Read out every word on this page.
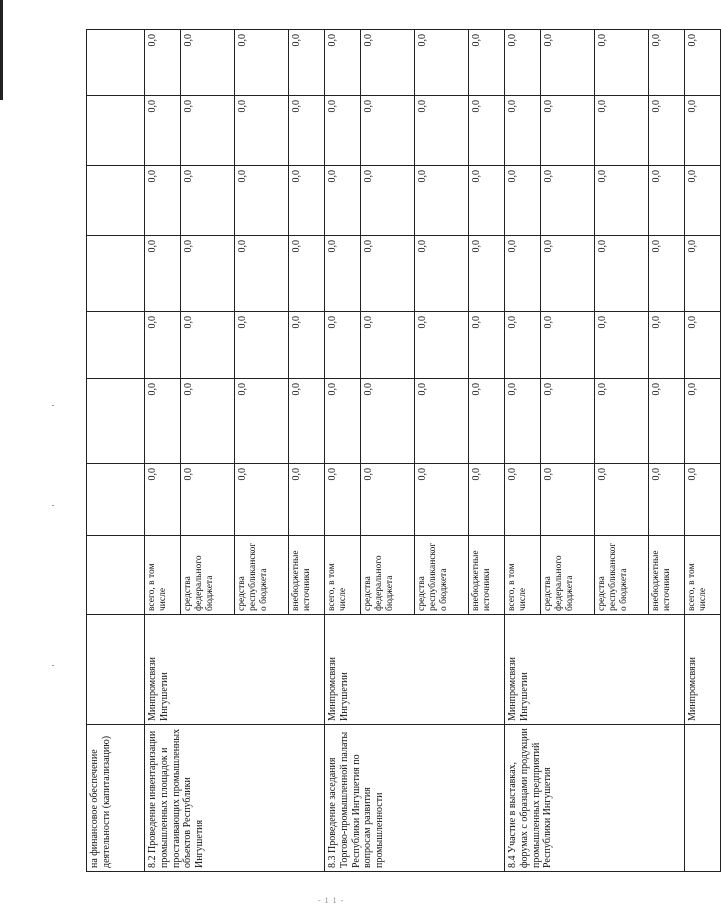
на финансовое обеспечение деятельности (капитализацию)									
8.2 Проведение инвентаризации промышленных площадок и простаивающих промышленных объектов Республики Ингушетия	Минпромсвязи Ингушетии	всего, в том числе	0,0	0,0	0,0	0,0	0,0	0,0	0,0
		средства федерального бюджета	0,0	0,0	0,0	0,0	0,0	0,0	0,0
		средства республиканского бюджета	0,0	0,0	0,0	0,0	0,0	0,0	0,0
		внебюджетные источники	0,0	0,0	0,0	0,0	0,0	0,0	0,0
8.3 Проведение заседания Торгово-промышленной палаты Республики Ингушетия по вопросам развития промышленности	Минпромсвязи Ингушетии	всего, в том числе	0,0	0,0	0,0	0,0	0,0	0,0	0,0
		средства федерального бюджета	0,0	0,0	0,0	0,0	0,0	0,0	0,0
		средства республиканского бюджета	0,0	0,0	0,0	0,0	0,0	0,0	0,0
		внебюджетные источники	0,0	0,0	0,0	0,0	0,0	0,0	0,0
8.4 Участие в выставках, форумах с образцами продукции промышленных предприятий Республики Ингушетия	Минпромсвязи Ингушетии	всего, в том числе	0,0	0,0	0,0	0,0	0,0	0,0	0,0
		средства федерального бюджета	0,0	0,0	0,0	0,0	0,0	0,0	0,0
		средства республиканского бюджета	0,0	0,0	0,0	0,0	0,0	0,0	0,0
		внебюджетные источники	0,0	0,0	0,0	0,0	0,0	0,0	0,0
	Минпромсвязи	всего, в том числе	0,0	0,0	0,0	0,0	0,0	0,0	0,0
- 1 1 -
